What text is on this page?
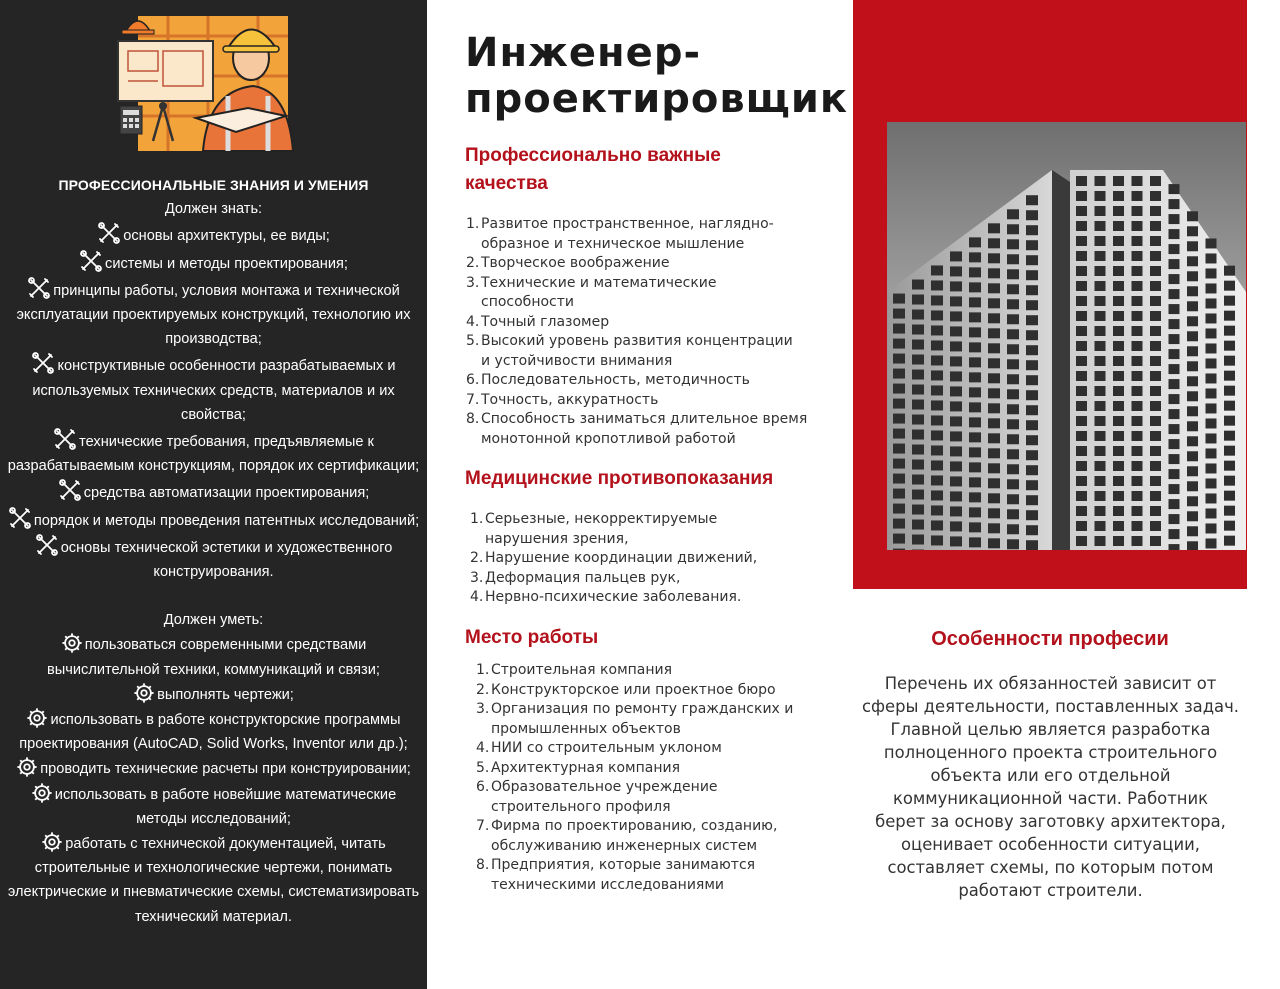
ПРОФЕССИОНАЛЬНЫЕ ЗНАНИЯ И УМЕНИЯ
Должен знать:
основы архитектуры, ее виды;
системы и методы проектирования;
принципы работы, условия монтажа и технической
эксплуатации проектируемых конструкций, технологию их
производства;
конструктивные особенности разрабатываемых и
используемых технических средств, материалов и их
свойства;
технические требования, предъявляемые к
разрабатываемым конструкциям, порядок их сертификации;
средства автоматизации проектирования;
порядок и методы проведения патентных исследований;
основы технической эстетики и художественного
конструирования.
Должен уметь:
пользоваться современными средствами
вычислительной техники, коммуникаций и связи;
выполнять чертежи;
использовать в работе конструкторские программы
проектирования (AutoCAD, Solid Works, Inventor или др.);
проводить технические расчеты при конструировании;
использовать в работе новейшие математические
методы исследований;
работать с технической документацией, читать
строительные и технологические чертежи, понимать
электрические и пневматические схемы, систематизировать
технический материал.
Инженер-
проектировщик
Профессионально важные
качества
1. Развитое пространственное, наглядно-
образное и техническое мышление
2. Творческое воображение
3. Технические и математические
способности
4. Точный глазомер
5. Высокий уровень развития концентрации
и устойчивости внимания
6. Последовательность, методичность
7. Точность, аккуратность
8. Способность заниматься длительное время
монотонной кропотливой работой
Медицинские противопоказания
1. Серьезные, некорректируемые
нарушения зрения,
2. Нарушение координации движений,
3. Деформация пальцев рук,
4. Нервно-психические заболевания.
Место работы
1. Строительная компания
2. Конструкторское или проектное бюро
3. Организация по ремонту гражданских и
промышленных объектов
4. НИИ со строительным уклоном
5. Архитектурная компания
6. Образовательное учреждение
строительного профиля
7. Фирма по проектированию, созданию,
обслуживанию инженерных систем
8. Предприятия, которые занимаются
техническими исследованиями
Особенности професии
Перечень их обязанностей зависит от
сферы деятельности, поставленных задач.
Главной целью является разработка
полноценного проекта строительного
объекта или его отдельной
коммуникационной части. Работник
берет за основу заготовку архитектора,
оценивает особенности ситуации,
составляет схемы, по которым потом
работают строители.
